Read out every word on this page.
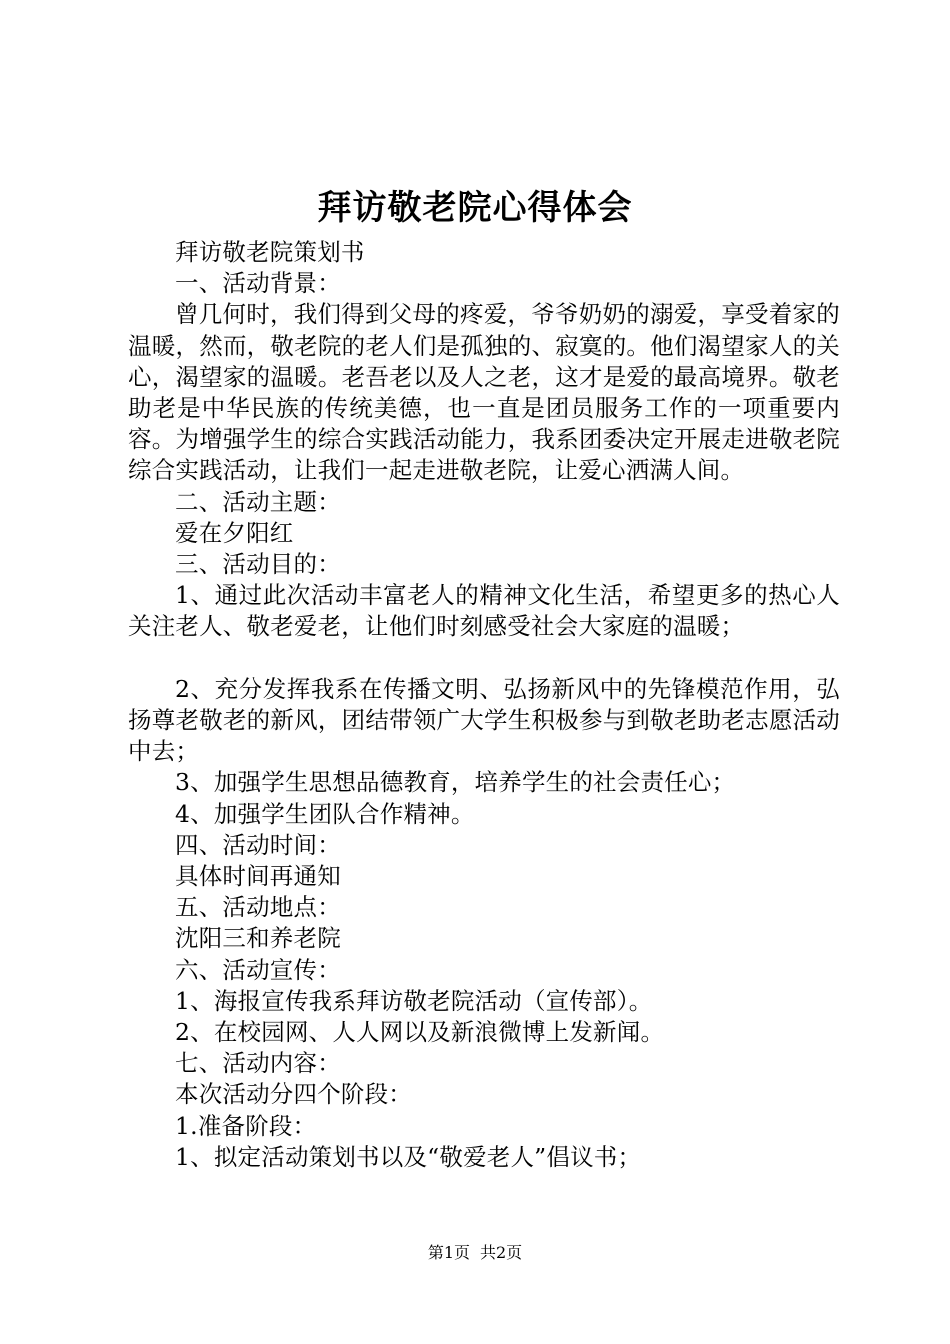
拜访敬老院心得体会

拜访敬老院策划书

一、活动背景：

曾几何时，我们得到父母的疼爱，爷爷奶奶的溺爱，享受着家的温暖，然而，敬老院的老人们是孤独的、寂寞的。他们渴望家人的关心，渴望家的温暖。老吾老以及人之老，这才是爱的最高境界。敬老助老是中华民族的传统美德，也一直是团员服务工作的一项重要内容。为增强学生的综合实践活动能力，我系团委决定开展走进敬老院综合实践活动，让我们一起走进敬老院，让爱心洒满人间。

二、活动主题：

爱在夕阳红

三、活动目的：

1、通过此次活动丰富老人的精神文化生活，希望更多的热心人关注老人、敬老爱老，让他们时刻感受社会大家庭的温暖；

2、充分发挥我系在传播文明、弘扬新风中的先锋模范作用，弘扬尊老敬老的新风，团结带领广大学生积极参与到敬老助老志愿活动中去；

3、加强学生思想品德教育，培养学生的社会责任心；

4、加强学生团队合作精神。

四、活动时间：

具体时间再通知

五、活动地点：

沈阳三和养老院

六、活动宣传：

1、海报宣传我系拜访敬老院活动（宣传部）。

2、在校园网、人人网以及新浪微博上发新闻。

七、活动内容：

本次活动分四个阶段：

1.准备阶段：

1、拟定活动策划书以及“敬爱老人”倡议书；

第1页 共2页
